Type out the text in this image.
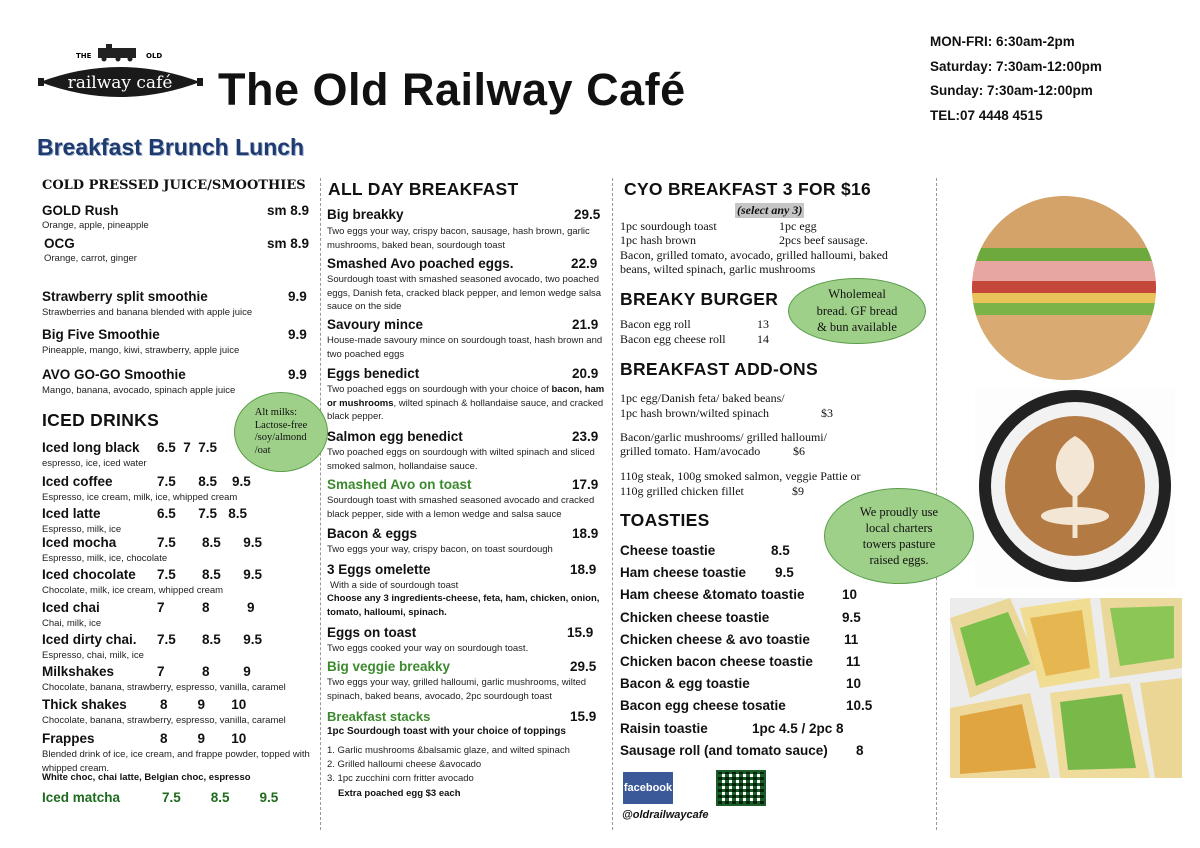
THE	OLD
railway café The Old Railway Café
MON-FRI: 6:30am-2pm
Saturday: 7:30am-12:00pm
Sunday: 7:30am-12:00pm
TEL:07 4448 4515
Breakfast Brunch Lunch
COLD PRESSED JUICE/SMOOTHIES
GOLD Rush	sm 8.9
Orange, apple, pineapple
OCG	sm 8.9
Orange, carrot, ginger
Strawberry split smoothie	9.9
Strawberries and banana blended with apple juice
Big Five Smoothie	9.9
Pineapple, mango, kiwi, strawberry, apple juice
AVO GO-GO Smoothie	9.9
Mango, banana, avocado, spinach apple juice
ICED DRINKS	Alt milks:
Lactose-free
/soy/almond
/oat
Iced long black 6.5  7  7.5
espresso, ice, iced water
Iced coffee	7.5      8.5    9.5
Espresso, ice cream, milk, ice, whipped cream
Iced latte	6.5      7.5   8.5
Espresso, milk, ice
Iced mocha	7.5       8.5      9.5
Espresso, milk, ice, chocolate
Iced chocolate 7.5       8.5      9.5
Chocolate, milk, ice cream, whipped cream
Iced chai	7          8          9
Chai, milk, ice
Iced dirty chai. 7.5       8.5      9.5
Espresso, chai, milk, ice
Milkshakes	7          8         9
Chocolate, banana, strawberry, espresso, vanilla, caramel
Thick shakes 8        9       10
Chocolate, banana, strawberry, espresso, vanilla, caramel
Frappes	8        9       10
Blended drink of ice, ice cream, and frappe powder, topped with whipped cream.
White choc, chai latte, Belgian choc, espresso
Iced matcha	7.5        8.5        9.5
ALL DAY BREAKFAST
Big breakky	29.5
Two eggs your way, crispy bacon, sausage, hash brown, garlic mushrooms, baked bean, sourdough toast
Smashed Avo poached eggs.	22.9
Sourdough toast with smashed seasoned avocado, two poached eggs, Danish feta, cracked black pepper, and lemon wedge salsa sauce on the side
Savoury mince	21.9
House-made savoury mince on sourdough toast, hash brown and two poached eggs
Eggs benedict	20.9
Two poached eggs on sourdough with your choice of bacon, ham or mushrooms, wilted spinach & hollandaise sauce, and cracked black pepper.
Salmon egg benedict	23.9
Two poached eggs on sourdough with wilted spinach and sliced smoked salmon, hollandaise sauce.
Smashed Avo on toast	17.9
Sourdough toast with smashed seasoned avocado and cracked black pepper, side with a lemon wedge and salsa sauce
Bacon & eggs	18.9
Two eggs your way, crispy bacon, on toast sourdough
3 Eggs omelette	18.9
With a side of sourdough toast
Choose any 3 ingredients-cheese, feta, ham, chicken, onion, tomato, halloumi, spinach.
Eggs on toast	15.9
Two eggs cooked your way on sourdough toast.
Big veggie breakky	29.5
Two eggs your way, grilled halloumi, garlic mushrooms, wilted spinach, baked beans, avocado, 2pc sourdough toast
Breakfast stacks	15.9
1pc Sourdough toast with your choice of toppings
1. Garlic mushrooms &balsamic glaze, and wilted spinach
2. Grilled halloumi cheese &avocado
3. 1pc zucchini corn fritter avocado
Extra poached egg $3 each
CYO BREAKFAST 3 FOR $16
(select any 3)
1pc sourdough toast	1pc egg
1pc hash brown	2pcs beef sausage.
Bacon, grilled tomato, avocado, grilled halloumi, baked
beans, wilted spinach, garlic mushrooms
BREAKY BURGER
Bacon egg roll	13
Bacon egg cheese roll	14
Wholemeal
bread. GF bread
& bun available
BREAKFAST ADD-ONS
1pc egg/Danish feta/ baked beans/
1pc hash brown/wilted spinach	$3
Bacon/garlic mushrooms/ grilled halloumi/
grilled tomato. Ham/avocado	$6
110g steak, 100g smoked salmon, veggie Pattie or
110g grilled chicken fillet	$9
We proudly use
local charters
towers pasture
raised eggs.
TOASTIES
Cheese toastie	8.5
Ham cheese toastie 9.5
Ham cheese &tomato toastie	10
Chicken cheese toastie	9.5
Chicken cheese & avo toastie	11
Chicken bacon cheese toastie 11
Bacon & egg toastie	10
Bacon egg cheese tosatie	10.5
Raisin toastie	1pc 4.5 / 2pc 8
Sausage roll (and tomato sauce) 8
facebook
@oldrailwaycafe
